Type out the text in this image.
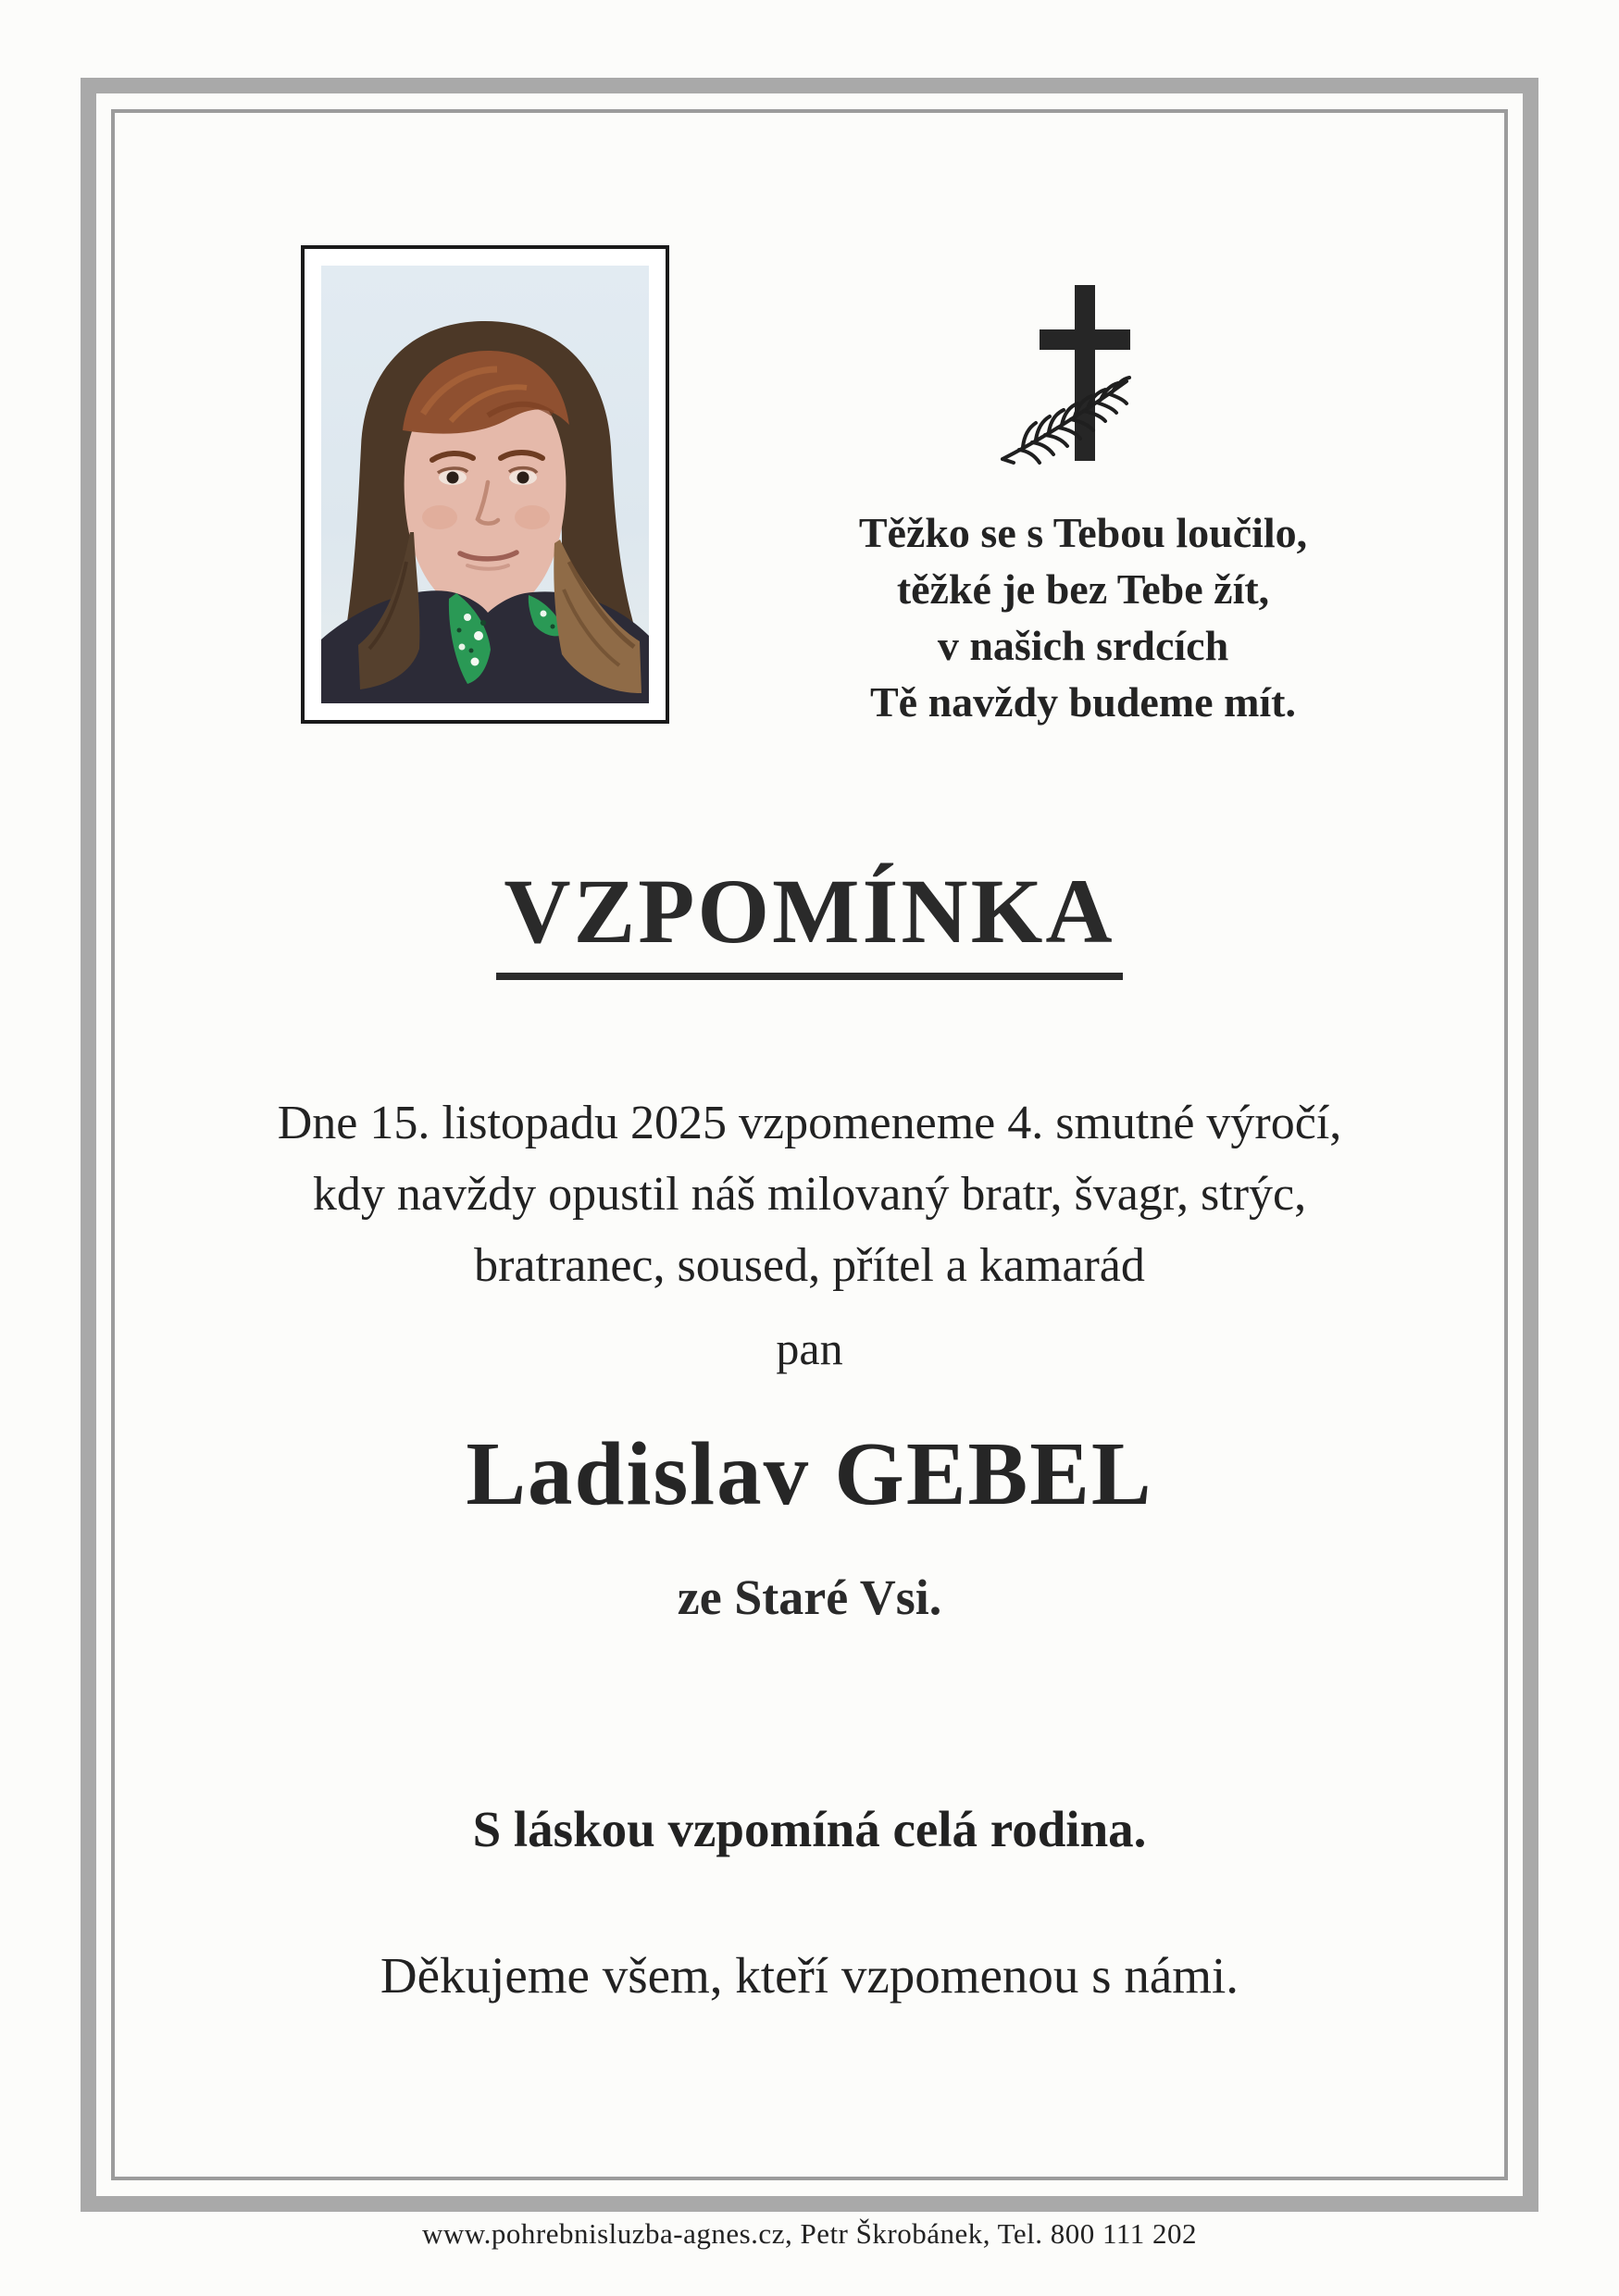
Těžko se s Tebou loučilo,
těžké je bez Tebe žít,
v našich srdcích
Tě navždy budeme mít.
VZPOMÍNKA
Dne 15. listopadu 2025 vzpomeneme 4. smutné výročí,
kdy navždy opustil náš milovaný bratr, švagr, strýc,
bratranec, soused, přítel a kamarád
pan
Ladislav GEBEL
ze Staré Vsi.
S láskou vzpomíná celá rodina.
Děkujeme všem, kteří vzpomenou s námi.
www.pohrebnisluzba-agnes.cz, Petr Škrobánek, Tel. 800 111 202
